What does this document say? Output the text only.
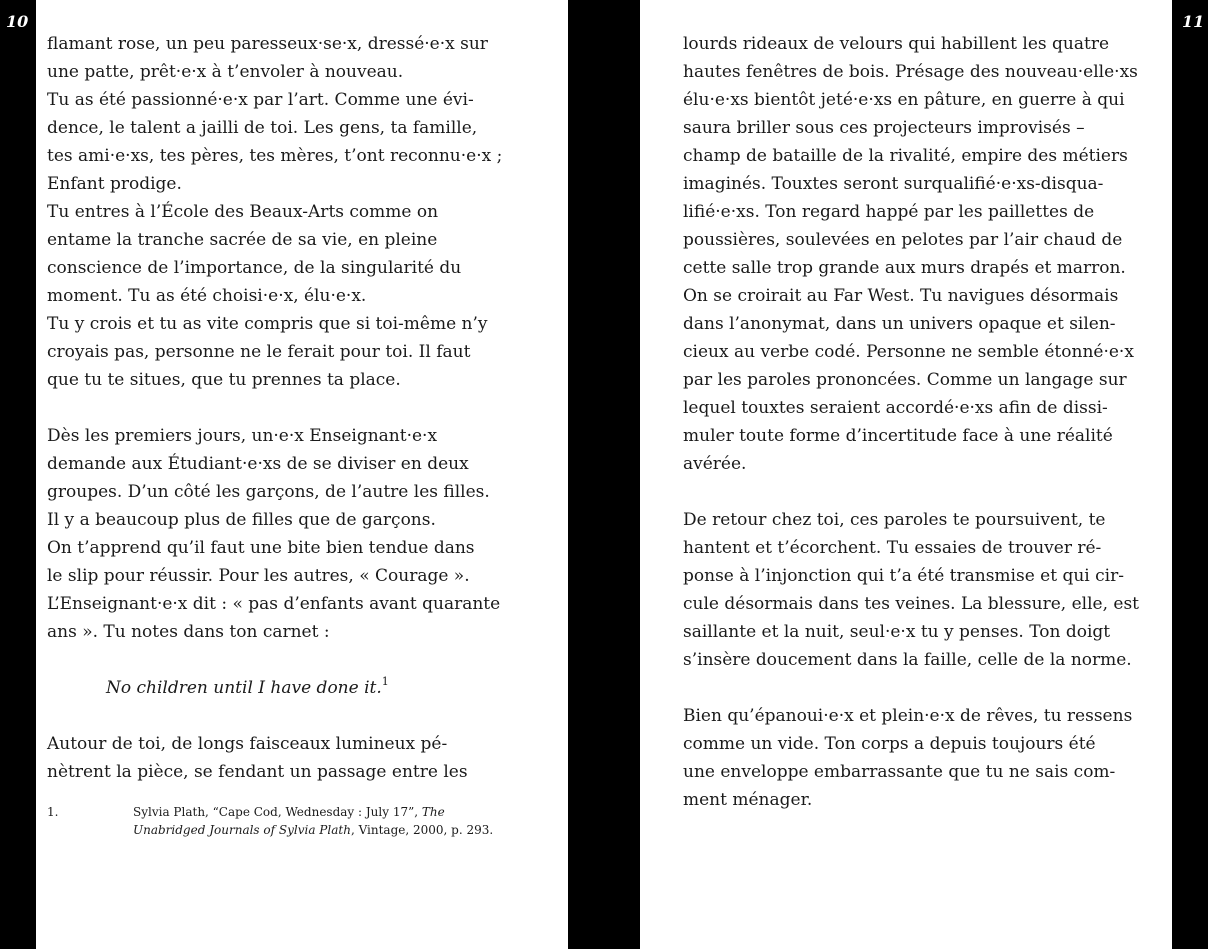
10	11
flamant rose, un peu paresseux·se·x, dressé·e·x sur
une patte, prêt·e·x à t’envoler à nouveau.
Tu as été passionné·e·x par l’art. Comme une évi-
dence, le talent a jailli de toi. Les gens, ta famille,
tes ami·e·xs, tes pères, tes mères, t’ont reconnu·e·x ;
Enfant prodige.
Tu entres à l’École des Beaux-Arts comme on
entame la tranche sacrée de sa vie, en pleine
conscience de l’importance, de la singularité du
moment. Tu as été choisi·e·x, élu·e·x.
Tu y crois et tu as vite compris que si toi-même n’y
croyais pas, personne ne le ferait pour toi. Il faut
que tu te situes, que tu prennes ta place.
Dès les premiers jours, un·e·x Enseignant·e·x
demande aux Étudiant·e·xs de se diviser en deux
groupes. D’un côté les garçons, de l’autre les filles.
Il y a beaucoup plus de filles que de garçons.
On t’apprend qu’il faut une bite bien tendue dans
le slip pour réussir. Pour les autres, « Courage ».
L’Enseignant·e·x dit : « pas d’enfants avant quarante
ans ». Tu notes dans ton carnet :
No children until I have done it.$^1$
Autour de toi, de longs faisceaux lumineux pé-
nètrent la pièce, se fendant un passage entre les
1.	Sylvia Plath, “Cape Cod, Wednesday : July 17”, The
Unabridged Journals of Sylvia Plath, Vintage, 2000, p. 293.
lourds rideaux de velours qui habillent les quatre
hautes fenêtres de bois. Présage des nouveau·elle·xs
élu·e·xs bientôt jeté·e·xs en pâture, en guerre à qui
saura briller sous ces projecteurs improvisés –
champ de bataille de la rivalité, empire des métiers
imaginés. Touxtes seront surqualifié·e·xs-disqua-
lifié·e·xs. Ton regard happé par les paillettes de
poussières, soulevées en pelotes par l’air chaud de
cette salle trop grande aux murs drapés et marron.
On se croirait au Far West. Tu navigues désormais
dans l’anonymat, dans un univers opaque et silen-
cieux au verbe codé. Personne ne semble étonné·e·x
par les paroles prononcées. Comme un langage sur
lequel touxtes seraient accordé·e·xs afin de dissi-
muler toute forme d’incertitude face à une réalité
avérée.
De retour chez toi, ces paroles te poursuivent, te
hantent et t’écorchent. Tu essaies de trouver ré-
ponse à l’injonction qui t’a été transmise et qui cir-
cule désormais dans tes veines. La blessure, elle, est
saillante et la nuit, seul·e·x tu y penses. Ton doigt
s’insère doucement dans la faille, celle de la norme.
Bien qu’épanoui·e·x et plein·e·x de rêves, tu ressens
comme un vide. Ton corps a depuis toujours été
une enveloppe embarrassante que tu ne sais com-
ment ménager.
